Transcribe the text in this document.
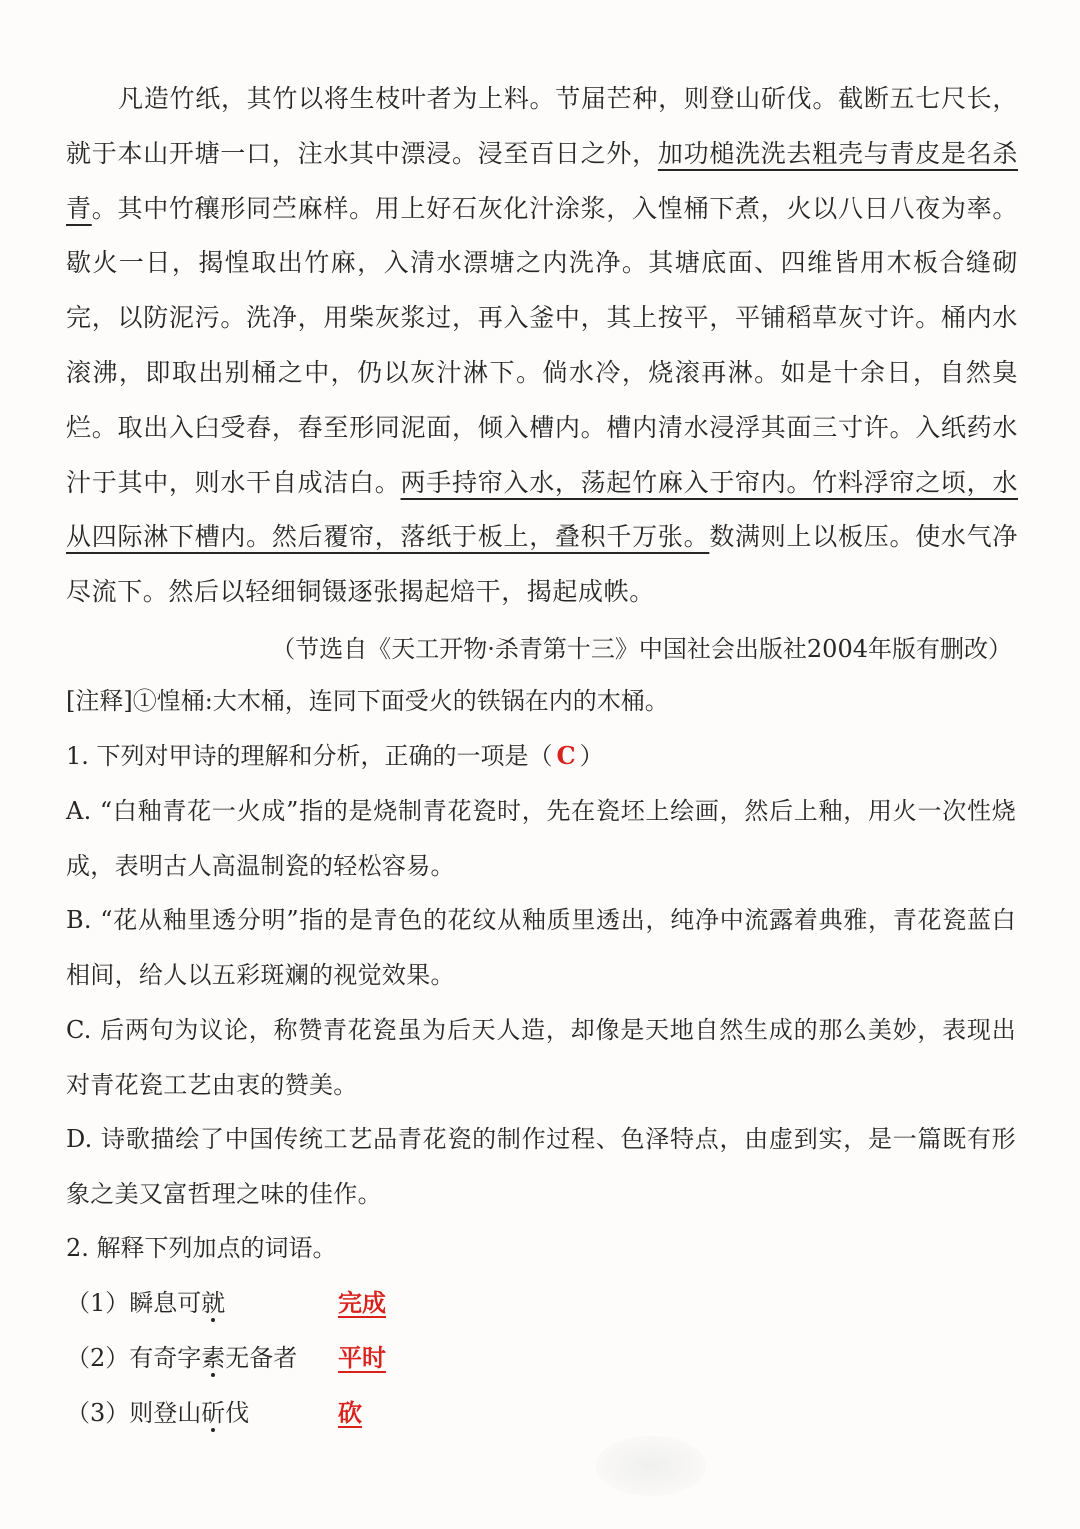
凡造竹纸，其竹以将生枝叶者为上料。节届芒种，则登山斫伐。截断五七尺长，就于本山开塘一口，注水其中漂浸。浸至百日之外，加功槌洗洗去粗壳与青皮是名杀青。其中竹穰形同苎麻样。用上好石灰化汁涂浆，入惶桶下煮，火以八日八夜为率。歇火一日，揭惶取出竹麻，入清水漂塘之内洗净。其塘底面、四维皆用木板合缝砌完，以防泥污。洗净，用柴灰浆过，再入釜中，其上按平，平铺稻草灰寸许。桶内水滚沸，即取出别桶之中，仍以灰汁淋下。倘水冷，烧滚再淋。如是十余日，自然臭烂。取出入臼受舂，舂至形同泥面，倾入槽内。槽内清水浸浮其面三寸许。入纸药水汁于其中，则水干自成洁白。两手持帘入水，荡起竹麻入于帘内。竹料浮帘之顷，水从四际淋下槽内。然后覆帘，落纸于板上，叠积千万张。数满则上以板压。使水气净尽流下。然后以轻细铜镊逐张揭起焙干，揭起成帙。
（节选自《天工开物·杀青第十三》中国社会出版社2004年版有删改）
[注释]①惶桶:大木桶，连同下面受火的铁锅在内的木桶。
1. 下列对甲诗的理解和分析，正确的一项是（ C ）
A. “白釉青花一火成”指的是烧制青花瓷时，先在瓷坯上绘画，然后上釉，用火一次性烧成，表明古人高温制瓷的轻松容易。
B. “花从釉里透分明”指的是青色的花纹从釉质里透出，纯净中流露着典雅，青花瓷蓝白相间，给人以五彩斑斓的视觉效果。
C. 后两句为议论，称赞青花瓷虽为后天人造，却像是天地自然生成的那么美妙，表现出对青花瓷工艺由衷的赞美。
D. 诗歌描绘了中国传统工艺品青花瓷的制作过程、色泽特点，由虚到实，是一篇既有形象之美又富哲理之味的佳作。
2. 解释下列加点的词语。
（1）瞬息可就	完成
（2）有奇字素无备者 平时
（3）则登山斫伐	砍
